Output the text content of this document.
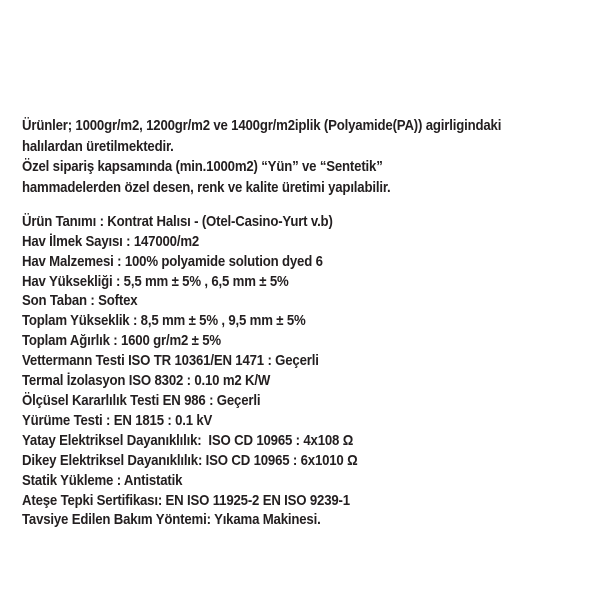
Ürünler; 1000gr/m2, 1200gr/m2 ve 1400gr/m2iplik (Polyamide(PA)) agirligindaki
halılardan üretilmektedir.
Özel sipariş kapsamında (min.1000m2) “Yün” ve “Sentetik”
hammadelerden özel desen, renk ve kalite üretimi yapılabilir.
Ürün Tanımı : Kontrat Halısı - (Otel-Casino-Yurt v.b)
Hav İlmek Sayısı : 147000/m2
Hav Malzemesi : 100% polyamide solution dyed 6
Hav Yüksekliği : 5,5 mm ± 5% , 6,5 mm ± 5%
Son Taban : Softex
Toplam Yükseklik : 8,5 mm ± 5% , 9,5 mm ± 5%
Toplam Ağırlık : 1600 gr/m2 ± 5%
Vettermann Testi ISO TR 10361/EN 1471 : Geçerli
Termal İzolasyon ISO 8302 : 0.10 m2 K/W
Ölçüsel Kararlılık Testi EN 986 : Geçerli
Yürüme Testi : EN 1815 : 0.1 kV
Yatay Elektriksel Dayanıklılık:  ISO CD 10965 : 4x108 Ω
Dikey Elektriksel Dayanıklılık: ISO CD 10965 : 6x1010 Ω
Statik Yükleme : Antistatik
Ateşe Tepki Sertifikası: EN ISO 11925-2 EN ISO 9239-1
Tavsiye Edilen Bakım Yöntemi: Yıkama Makinesi.
